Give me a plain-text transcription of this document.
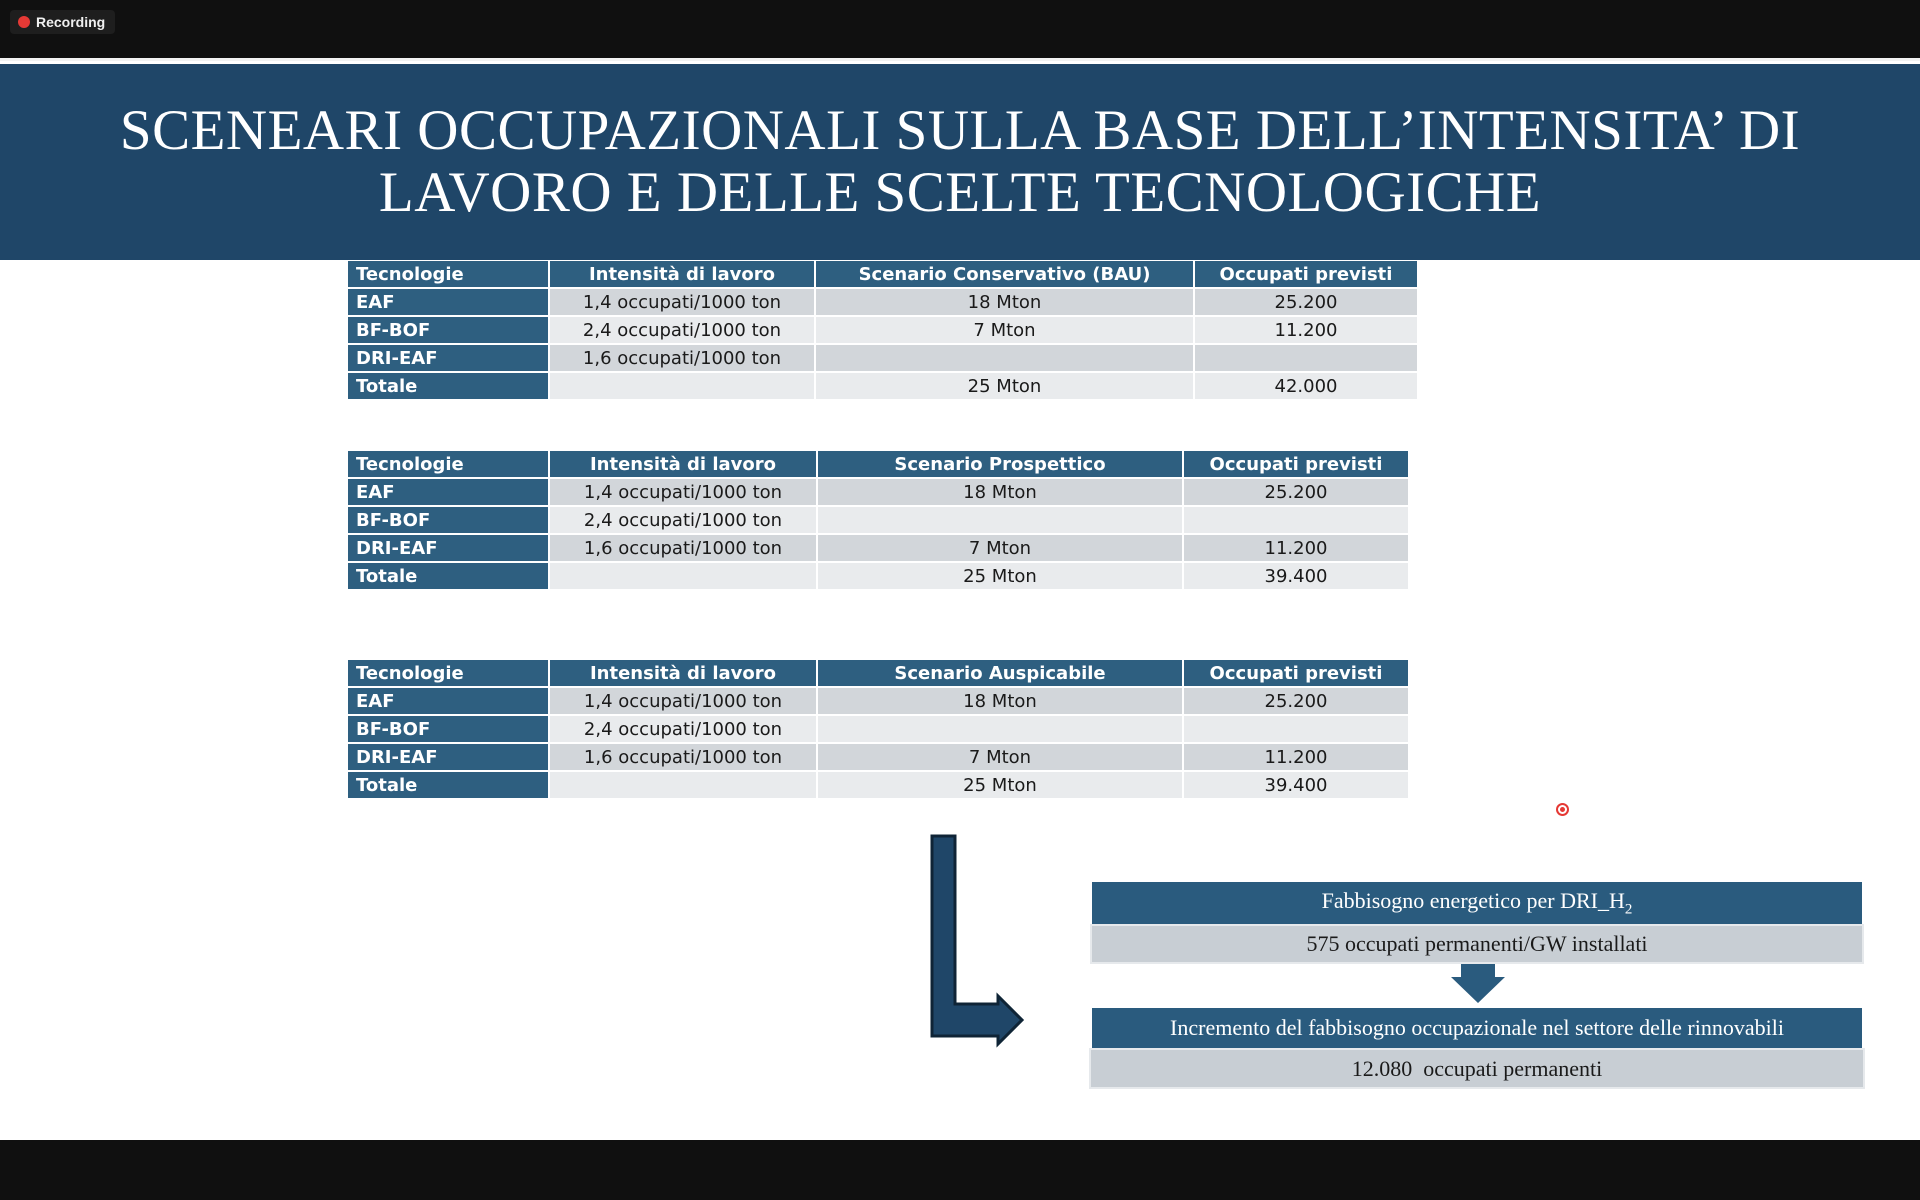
Recording
SCENEARI OCCUPAZIONALI SULLA BASE DELL’INTENSITA’ DI
LAVORO E DELLE SCELTE TECNOLOGICHE
Tecnologie	Intensità di lavoro	Scenario Conservativo (BAU)	Occupati previsti
EAF	1,4 occupati/1000 ton	18 Mton	25.200
BF-BOF	2,4 occupati/1000 ton	7 Mton	11.200
DRI-EAF	1,6 occupati/1000 ton		
Totale		25 Mton	42.000
Tecnologie	Intensità di lavoro	Scenario Prospettico	Occupati previsti
EAF	1,4 occupati/1000 ton	18 Mton	25.200
BF-BOF	2,4 occupati/1000 ton		
DRI-EAF	1,6 occupati/1000 ton	7 Mton	11.200
Totale		25 Mton	39.400
Tecnologie	Intensità di lavoro	Scenario Auspicabile	Occupati previsti
EAF	1,4 occupati/1000 ton	18 Mton	25.200
BF-BOF	2,4 occupati/1000 ton		
DRI-EAF	1,6 occupati/1000 ton	7 Mton	11.200
Totale		25 Mton	39.400
Fabbisogno energetico per $DRI\_H_2$
575 occupati permanenti/GW installati
Incremento del fabbisogno occupazionale nel settore delle rinnovabili
12.080  occupati permanenti
